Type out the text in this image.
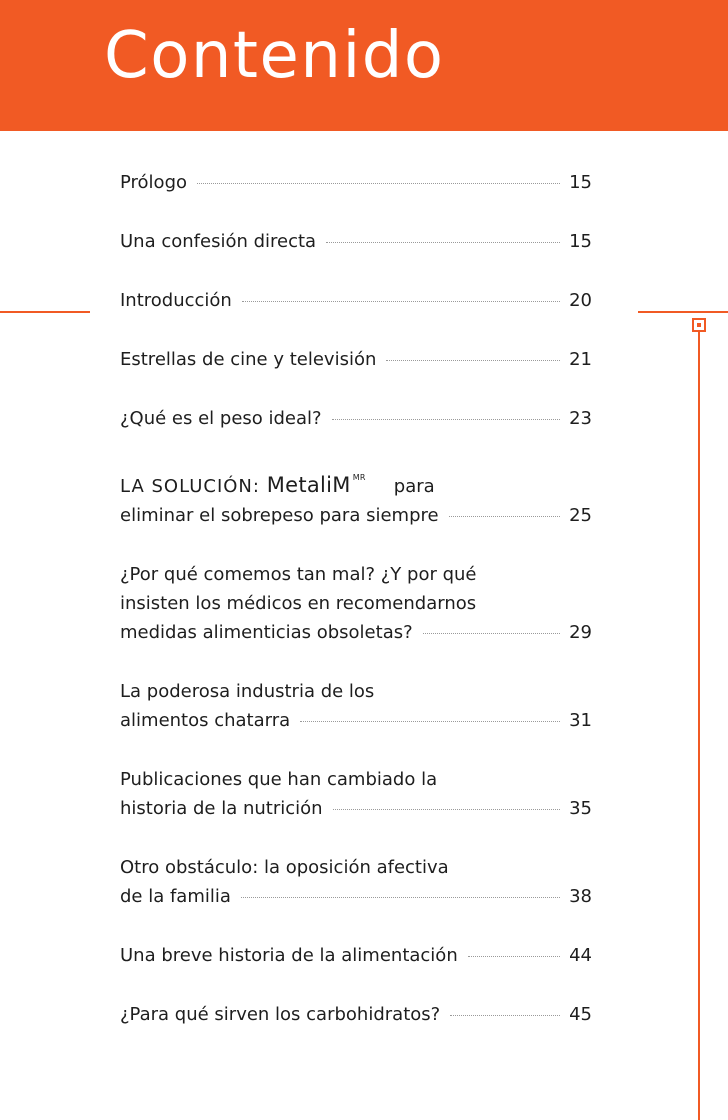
Contenido
Prólogo	15
Una confesión directa	15
Introducción	20
Estrellas de cine y televisión	21
¿Qué es el peso ideal?	23
LA SOLUCIÓN: MetaliM $^{MR}$ para
eliminar el sobrepeso para siempre	25
¿Por qué comemos tan mal? ¿Y por qué
insisten los médicos en recomendarnos
medidas alimenticias obsoletas?	29
La poderosa industria de los
alimentos chatarra	31
Publicaciones que han cambiado la
historia de la nutrición	35
Otro obstáculo: la oposición afectiva
de la familia	38
Una breve historia de la alimentación	44
¿Para qué sirven los carbohidratos?	45
